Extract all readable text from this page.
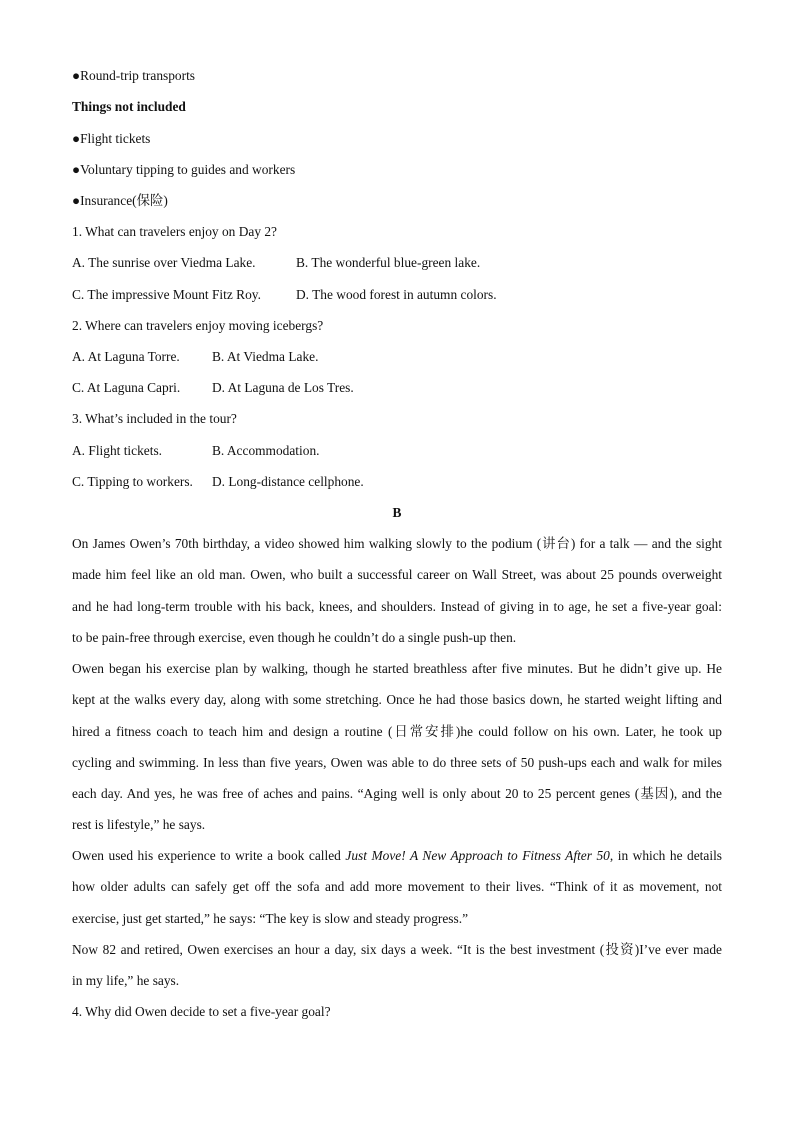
●Round-trip transports
Things not included
●Flight tickets
●Voluntary tipping to guides and workers
●Insurance(保险)
1. What can travelers enjoy on Day 2?
A. The sunrise over Viedma Lake.	B. The wonderful blue-green lake.
C. The impressive Mount Fitz Roy.	D. The wood forest in autumn colors.
2. Where can travelers enjoy moving icebergs?
A. At Laguna Torre. B. At Viedma Lake.
C. At Laguna Capri. D. At Laguna de Los Tres.
3. What’s included in the tour?
A. Flight tickets.	B. Accommodation.
C. Tipping to workers. D. Long-distance cellphone.
B
On James Owen’s 70th birthday, a video showed him walking slowly to the podium (讲台) for a talk — and the sight
made him feel like an old man. Owen, who built a successful career on Wall Street, was about 25 pounds overweight
and he had long-term trouble with his back, knees, and shoulders. Instead of giving in to age, he set a five-year goal:
to be pain-free through exercise, even though he couldn’t do a single push-up then.
Owen began his exercise plan by walking, though he started breathless after five minutes. But he didn’t give up. He
kept at the walks every day, along with some stretching. Once he had those basics down, he started weight lifting and
hired a fitness coach to teach him and design a routine (日常安排)he could follow on his own. Later, he took up
cycling and swimming. In less than five years, Owen was able to do three sets of 50 push-ups each and walk for miles
each day. And yes, he was free of aches and pains. “Aging well is only about 20 to 25 percent genes (基因), and the
rest is lifestyle,” he says.
Owen used his experience to write a book called Just Move! A New Approach to Fitness After 50, in which he details
how older adults can safely get off the sofa and add more movement to their lives. “Think of it as movement, not
exercise, just get started,” he says: “The key is slow and steady progress.”
Now 82 and retired, Owen exercises an hour a day, six days a week. “It is the best investment (投资)I’ve ever made
in my life,” he says.
4. Why did Owen decide to set a five-year goal?
